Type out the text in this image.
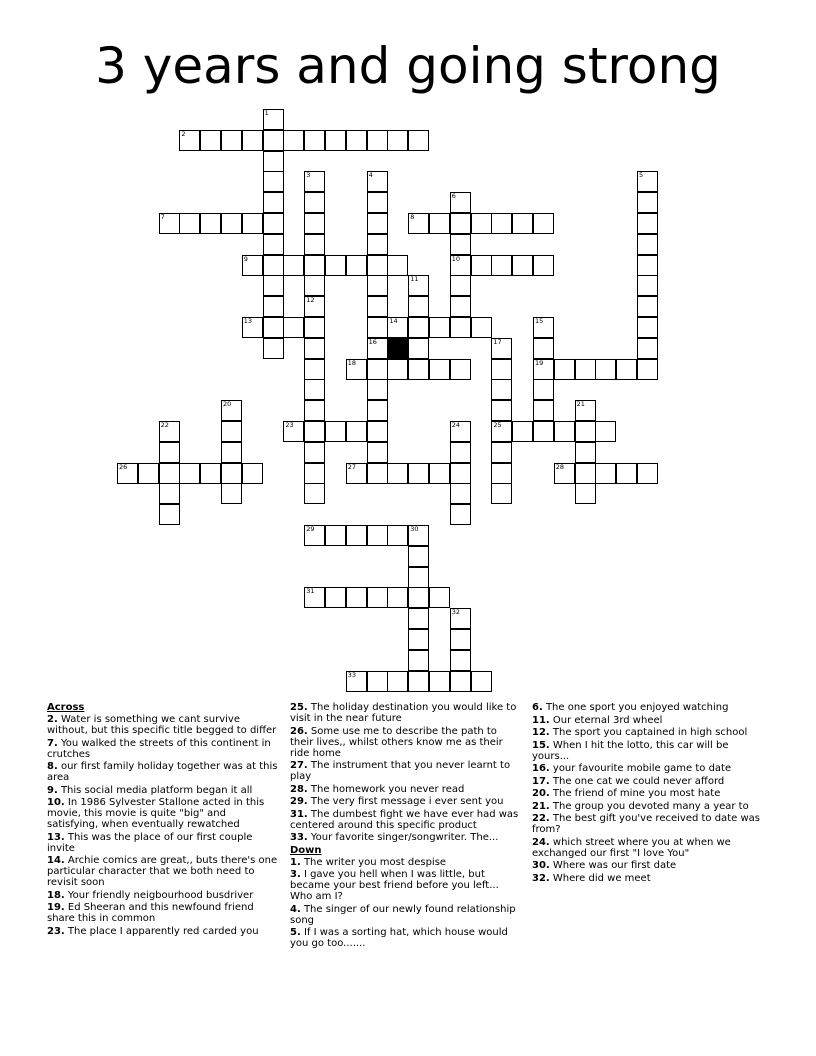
3 years and going strong
2
7	8
9	10
13	14
18	19
23	25
26	27	28
29	30
31
33
1
3
12
4
16
5
6
11
15
17
20	21
22	24
32
Across
2. Water is something we cant survive without, but this specific title begged to differ
7. You walked the streets of this continent in crutches
8. our first family holiday together was at this area
9. This social media platform began it all
10. In 1986 Sylvester Stallone acted in this movie, this movie is quite "big" and satisfying, when eventually rewatched
13. This was the place of our first couple invite
14. Archie comics are great,, buts there's one particular character that we both need to revisit soon
18. Your friendly neigbourhood busdriver
19. Ed Sheeran and this newfound friend share this in common
23. The place I apparently red carded you
25. The holiday destination you would like to visit in the near future
26. Some use me to describe the path to their lives,, whilst others know me as their ride home
27. The instrument that you never learnt to play
28. The homework you never read
29. The very first message i ever sent you
31. The dumbest fight we have ever had was centered around this specific product
33. Your favorite singer/songwriter. The...
Down
1. The writer you most despise
3. I gave you hell when I was little, but became your best friend before you left... Who am I?
4. The singer of our newly found relationship song
5. If I was a sorting hat, which house would you go too.......
6. The one sport you enjoyed watching
11. Our eternal 3rd wheel
12. The sport you captained in high school
15. When I hit the lotto, this car will be yours...
16. your favourite mobile game to date
17. The one cat we could never afford
20. The friend of mine you most hate
21. The group you devoted many a year to
22. The best gift you've received to date was from?
24. which street where you at when we exchanged our first "I love You"
30. Where was our first date
32. Where did we meet
